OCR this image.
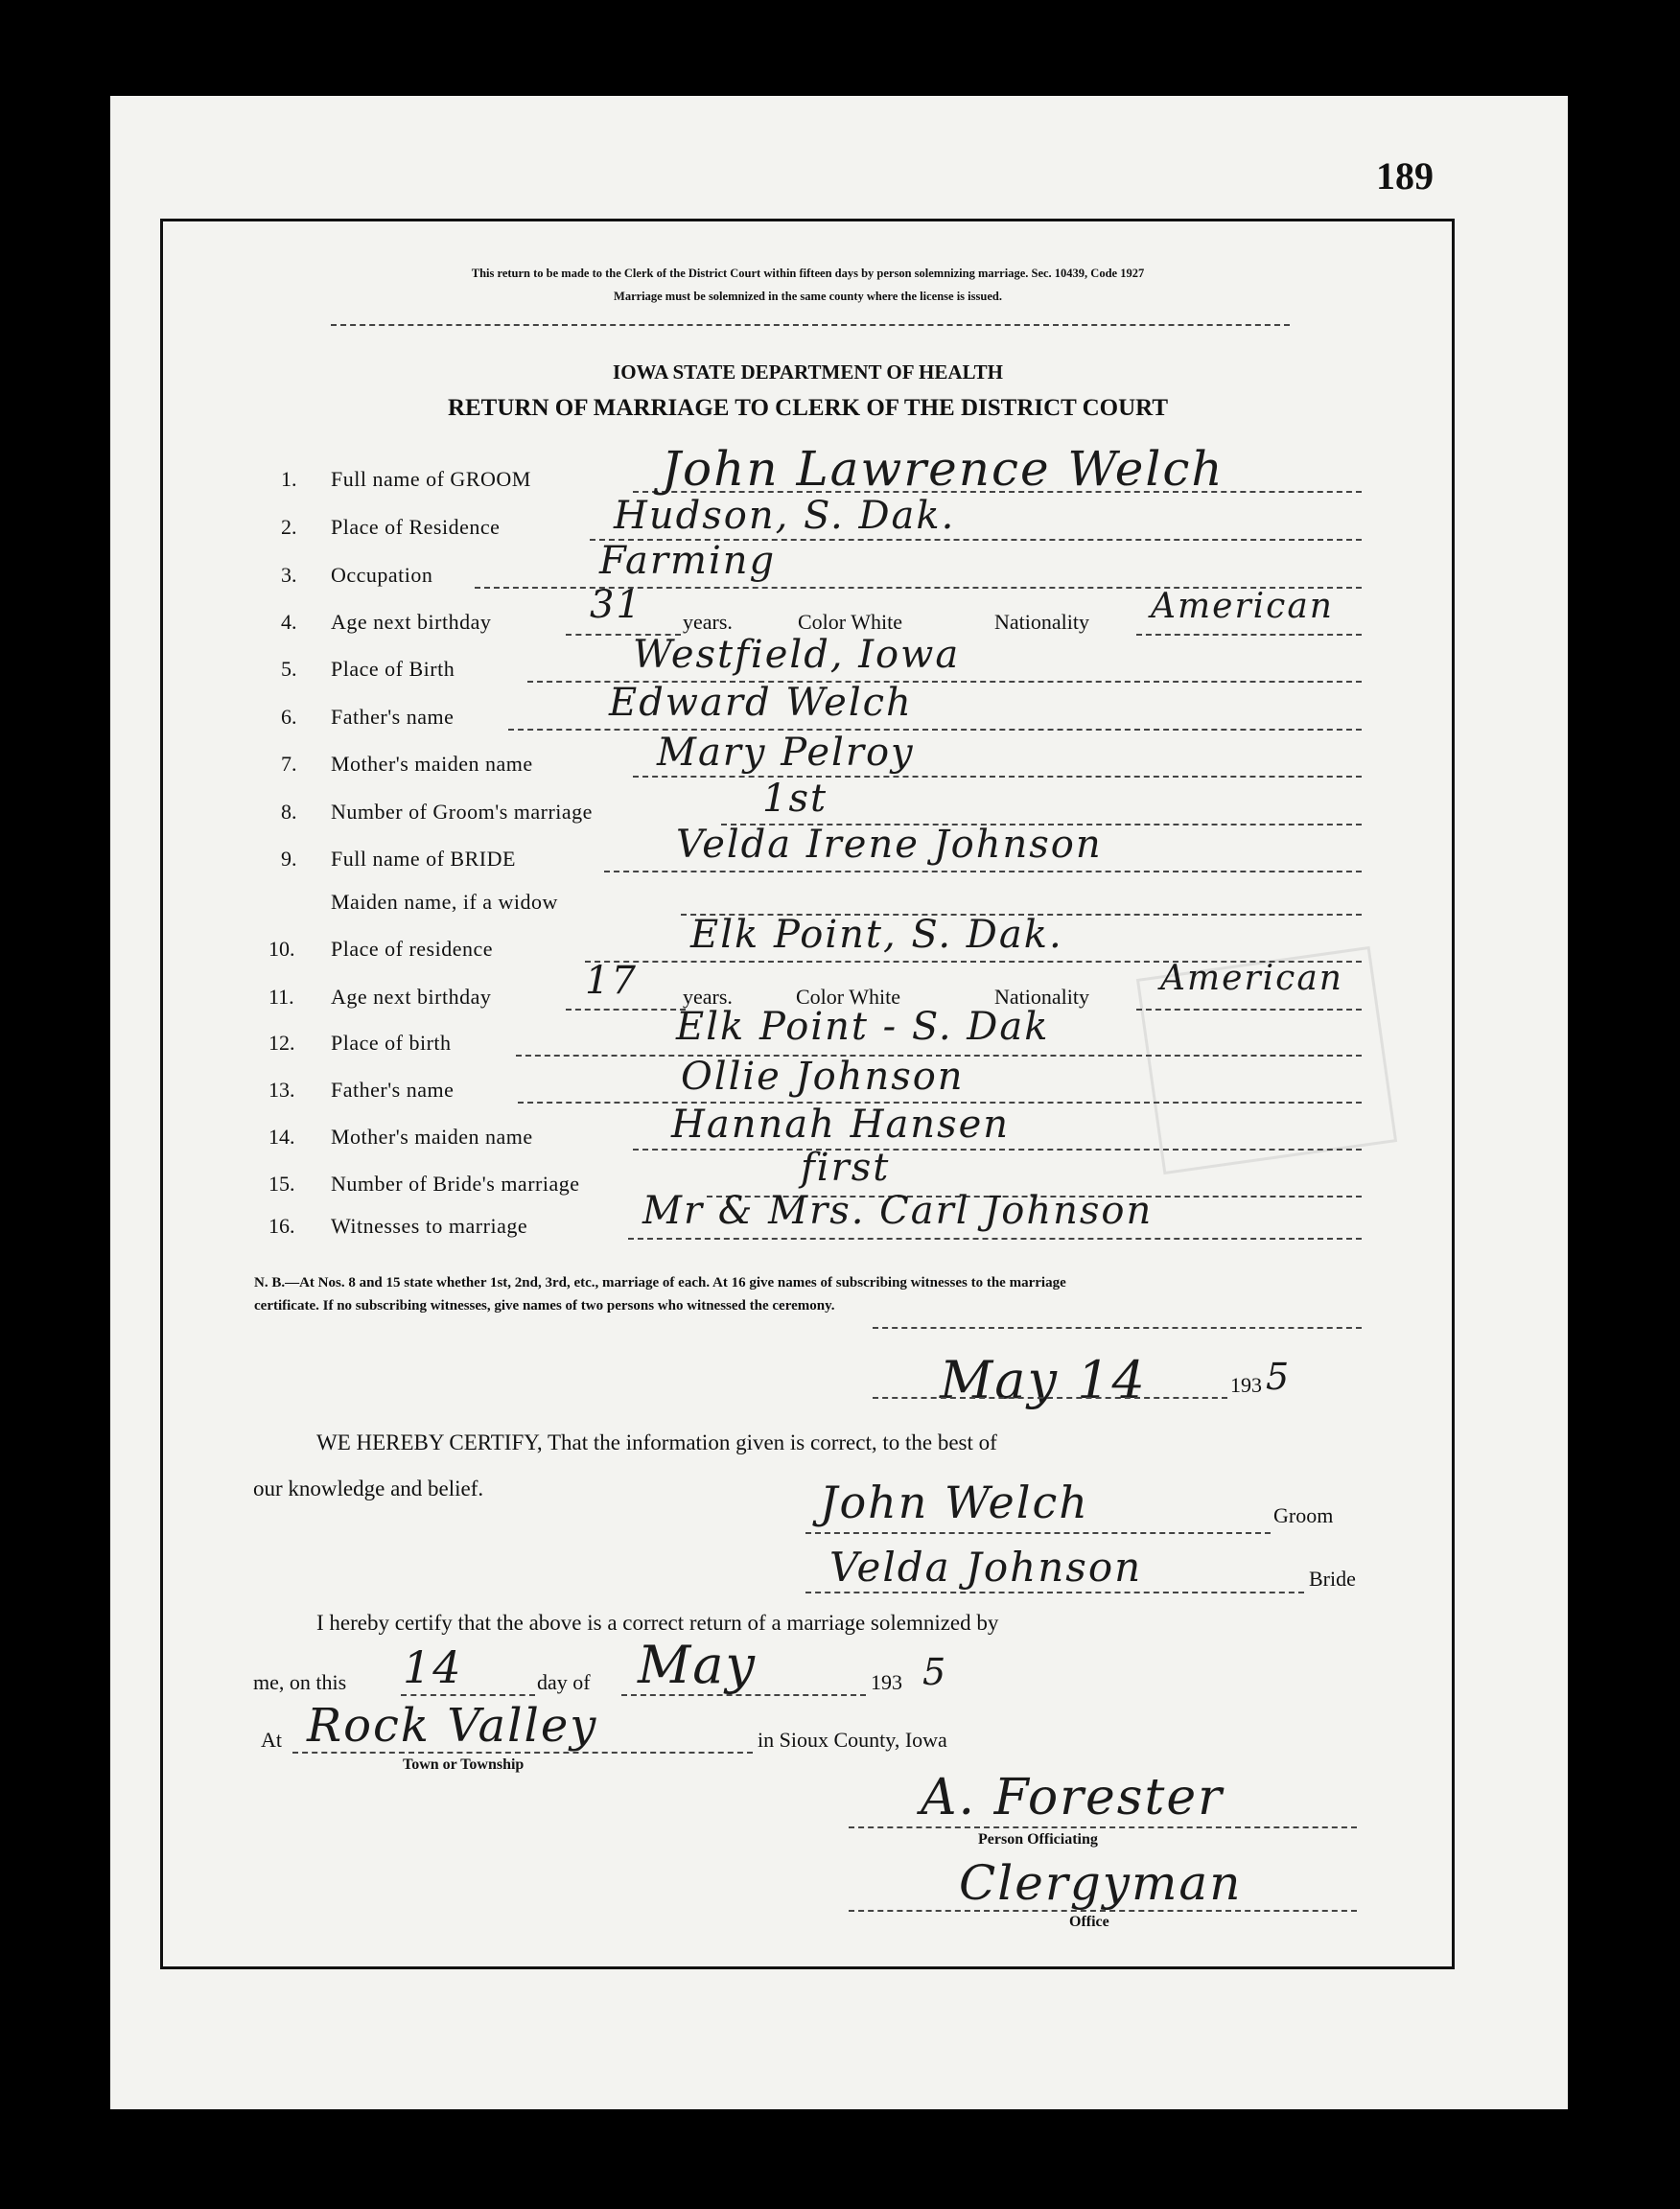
189
This return to be made to the Clerk of the District Court within fifteen days by person solemnizing marriage. Sec. 10439, Code 1927
Marriage must be solemnized in the same county where the license is issued.
IOWA STATE DEPARTMENT OF HEALTH
RETURN OF MARRIAGE TO CLERK OF THE DISTRICT COURT
1. Full name of GROOM	John Lawrence Welch
2. Place of Residence	Hudson, S. Dak.
3. Occupation	Farming
4. Age next birthday	31 years.	Color White	Nationality American
5. Place of Birth	Westfield, Iowa
6. Father's name	Edward Welch
7. Mother's maiden name	Mary Pelroy
8. Number of Groom's marriage	1st
9. Full name of BRIDE	Velda Irene Johnson
Maiden name, if a widow
10. Place of residence	Elk Point, S. Dak.
11. Age next birthday 17 years.	Color White	Nationality American
12. Place of birth	Elk Point - S. Dak
13. Father's name	Ollie Johnson
14. Mother's maiden name	Hannah Hansen
15. Number of Bride's marriage	first
16. Witnesses to marriage	Mr & Mrs. Carl Johnson
N. B.—At Nos. 8 and 15 state whether 1st, 2nd, 3rd, etc., marriage of each. At 16 give names of subscribing witnesses to the marriage
certificate. If no subscribing witnesses, give names of two persons who witnessed the ceremony.
May 14	193 5
WE HEREBY CERTIFY, That the information given is correct, to the best of
our knowledge and belief.	John Welch	Groom
Velda Johnson	Bride
I hereby certify that the above is a correct return of a marriage solemnized by
me, on this 14	day of May	193 5
At Rock Valley
Town or Township
in Sioux County, Iowa
A. Forester
Person Officiating
Clergyman
Office
